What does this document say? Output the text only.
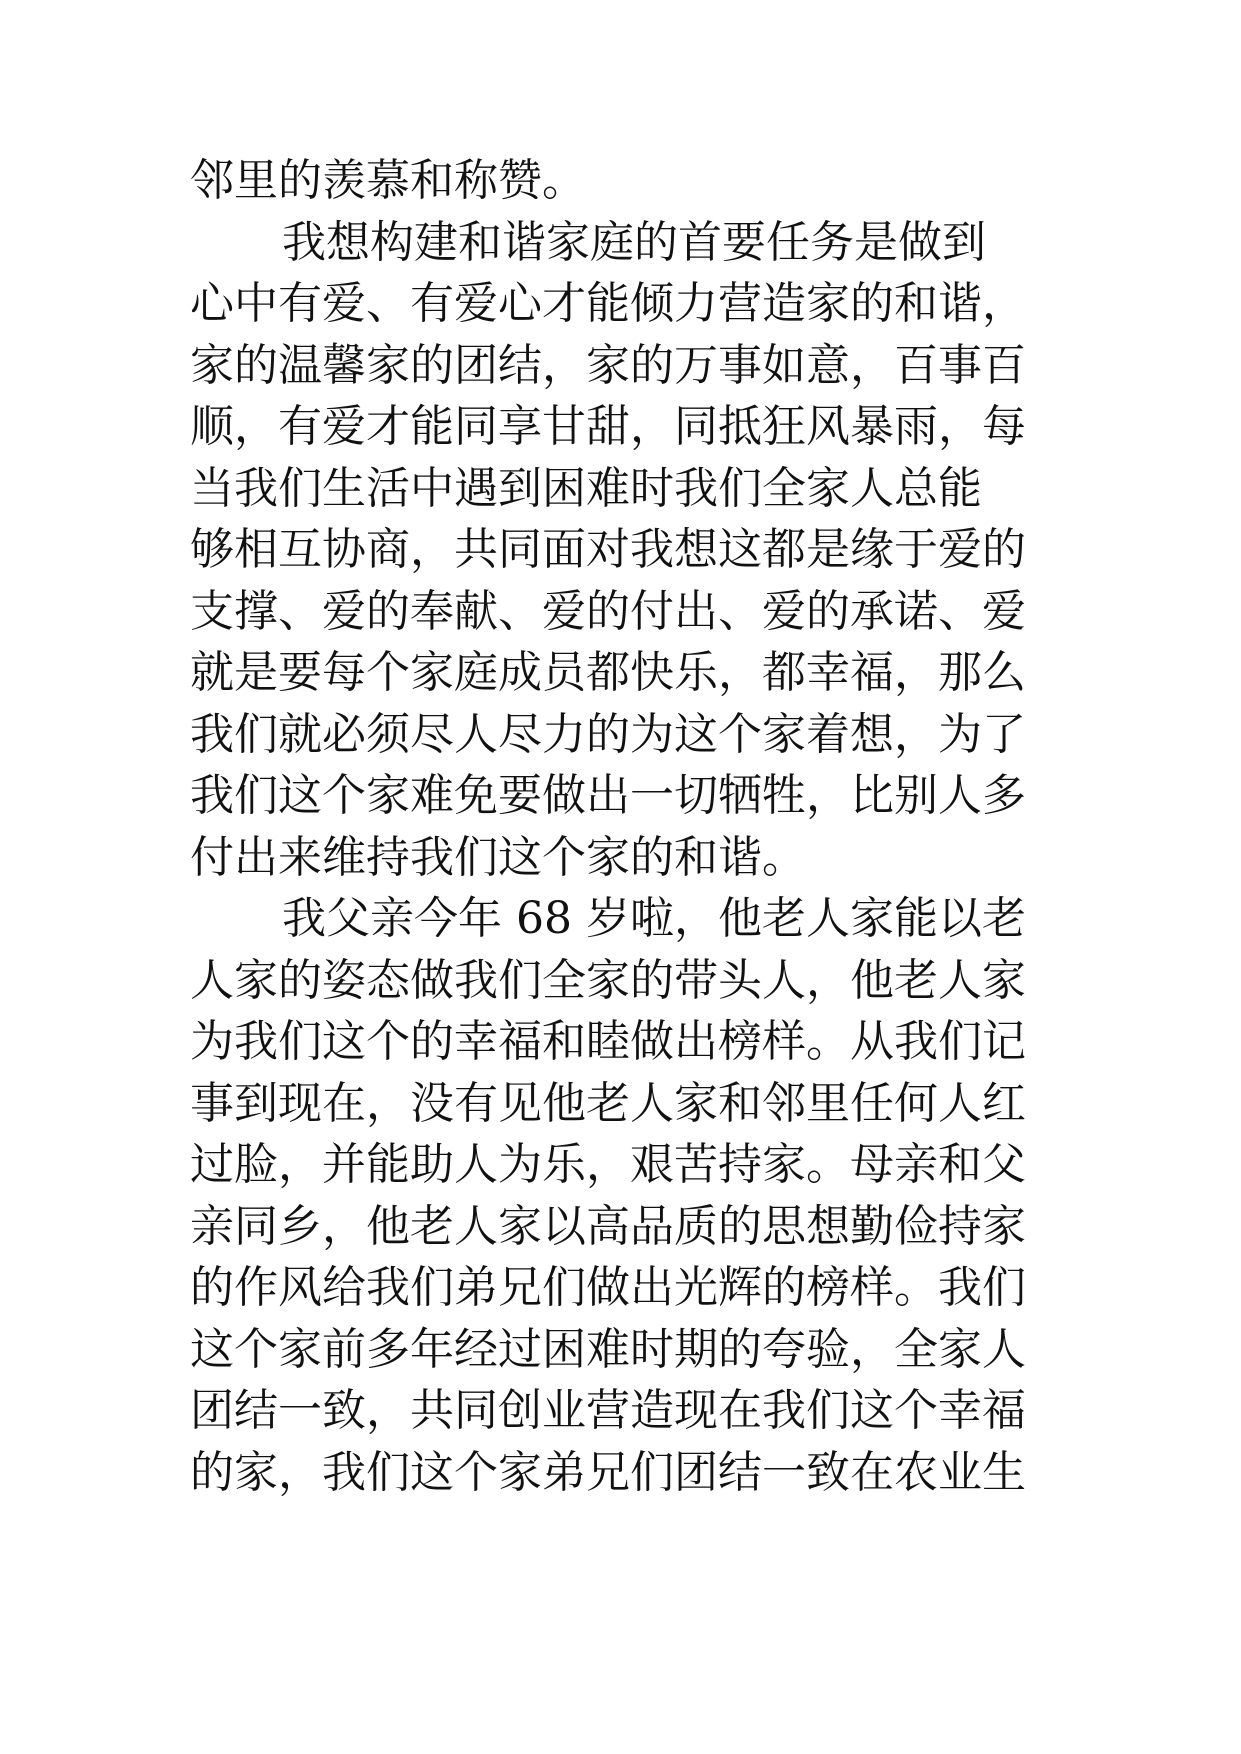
邻里的羡慕和称赞。
我想构建和谐家庭的首要任务是做到
心中有爱、有爱心才能倾力营造家的和谐，
家的温馨家的团结，家的万事如意，百事百
顺，有爱才能同享甘甜，同抵狂风暴雨，每
当我们生活中遇到困难时我们全家人总能
够相互协商，共同面对我想这都是缘于爱的
支撑、爱的奉献、爱的付出、爱的承诺、爱
就是要每个家庭成员都快乐，都幸福，那么
我们就必须尽人尽力的为这个家着想，为了
我们这个家难免要做出一切牺牲，比别人多
付出来维持我们这个家的和谐。
我父亲今年 68 岁啦，他老人家能以老
人家的姿态做我们全家的带头人，他老人家
为我们这个的幸福和睦做出榜样。从我们记
事到现在，没有见他老人家和邻里任何人红
过脸，并能助人为乐，艰苦持家。母亲和父
亲同乡，他老人家以高品质的思想勤俭持家
的作风给我们弟兄们做出光辉的榜样。我们
这个家前多年经过困难时期的夸验，全家人
团结一致，共同创业营造现在我们这个幸福
的家，我们这个家弟兄们团结一致在农业生
